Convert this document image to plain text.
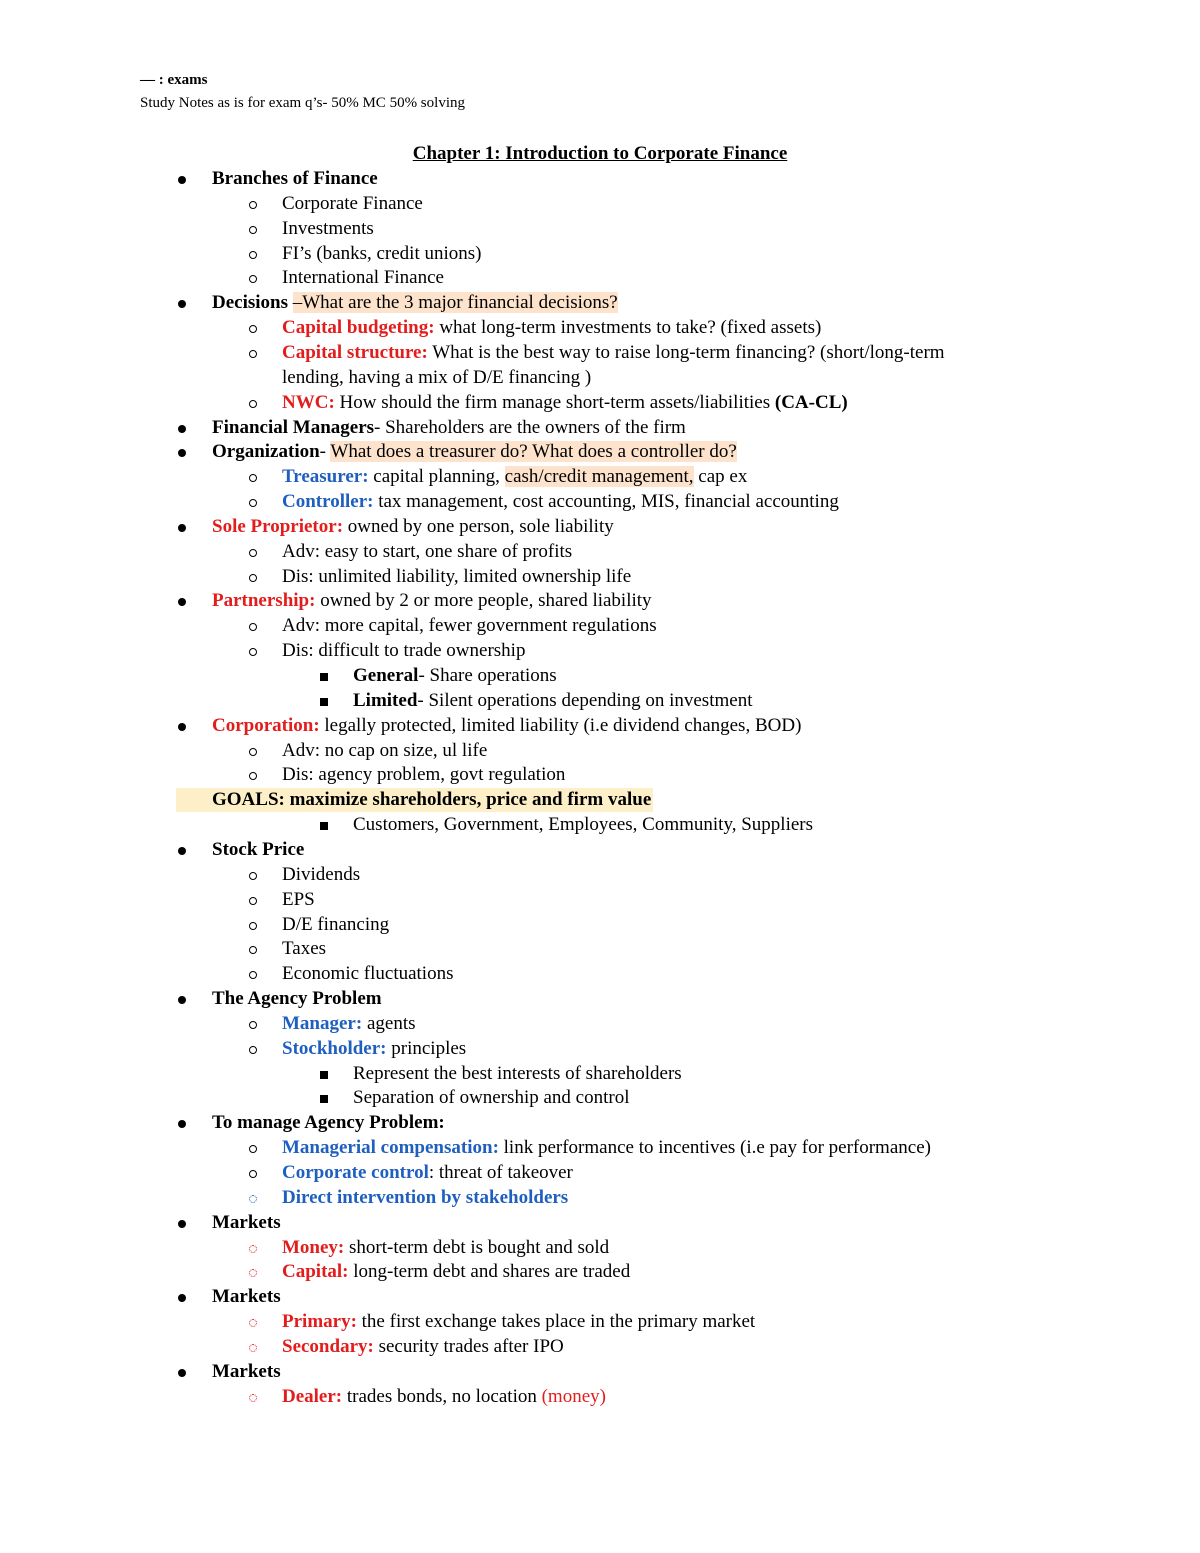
— : exams
Study Notes as is for exam q’s- 50% MC 50% solving
Chapter 1: Introduction to Corporate Finance
Branches of Finance
Corporate Finance
Investments
FI’s (banks, credit unions)
International Finance
Decisions –What are the 3 major financial decisions?
Capital budgeting: what long-term investments to take? (fixed assets)
Capital structure: What is the best way to raise long-term financing? (short/long-term
lending, having a mix of D/E financing )
NWC: How should the firm manage short-term assets/liabilities (CA-CL)
Financial Managers- Shareholders are the owners of the firm
Organization- What does a treasurer do? What does a controller do?
Treasurer: capital planning, cash/credit management, cap ex
Controller: tax management, cost accounting, MIS, financial accounting
Sole Proprietor: owned by one person, sole liability
Adv: easy to start, one share of profits
Dis: unlimited liability, limited ownership life
Partnership: owned by 2 or more people, shared liability
Adv: more capital, fewer government regulations
Dis: difficult to trade ownership
General- Share operations
Limited- Silent operations depending on investment
Corporation: legally protected, limited liability (i.e dividend changes, BOD)
Adv: no cap on size, ul life
Dis: agency problem, govt regulation
GOALS: maximize shareholders, price and firm value
Customers, Government, Employees, Community, Suppliers
Stock Price
Dividends
EPS
D/E financing
Taxes
Economic fluctuations
The Agency Problem
Manager: agents
Stockholder: principles
Represent the best interests of shareholders
Separation of ownership and control
To manage Agency Problem:
Managerial compensation: link performance to incentives (i.e pay for performance)
Corporate control: threat of takeover
Direct intervention by stakeholders
Markets
Money: short-term debt is bought and sold
Capital: long-term debt and shares are traded
Markets
Primary: the first exchange takes place in the primary market
Secondary: security trades after IPO
Markets
Dealer: trades bonds, no location (money)
